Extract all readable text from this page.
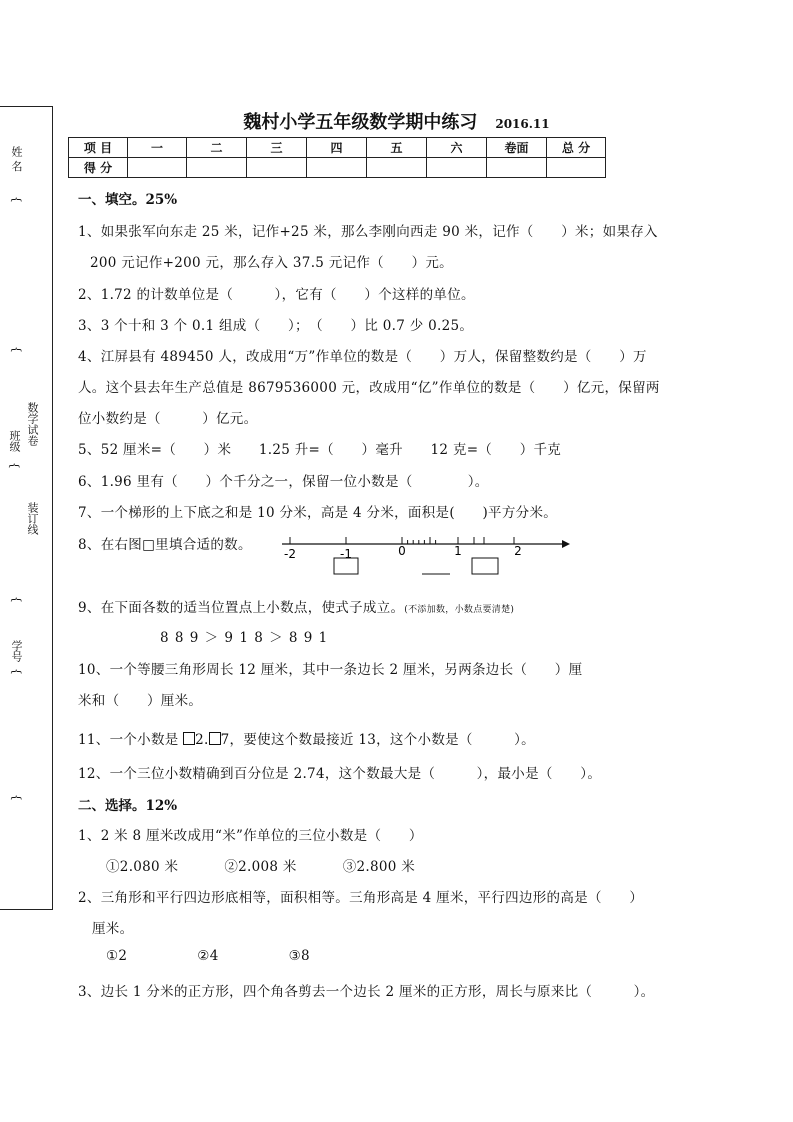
姓 名
{
{
数学试卷
班级
{
装订线
{
学号
{
{
魏村小学五年级数学期中练习 2016.11
项 目	一	二	三	四	五	六	卷面	总 分
得 分								
一、填空。25%
1、如果张军向东走 25 米，记作+25 米，那么李刚向西走 90 米，记作（　　）米；如果存入
200 元记作+200 元，那么存入 37.5 元记作（　　）元。
2、1.72 的计数单位是（　　　），它有（　　）个这样的单位。
3、3 个十和 3 个 0.1 组成（　　）；　（　　）比 0.7 少 0.25。
4、江屏县有 489450 人，改成用“万”作单位的数是（　　）万人，保留整数约是（　　）万
人。这个县去年生产总值是 8679536000 元，改成用“亿”作单位的数是（　　）亿元，保留两
位小数约是（　　　）亿元。
5、52 厘米=（　　）米　　1.25 升=（　　）毫升　　12 克=（　　）千克
6、1.96 里有（　　）个千分之一，保留一位小数是（　　　　）。
7、一个梯形的上下底之和是 10 分米，高是 4 分米，面积是(　　)平方分米。
8、在右图□里填合适的数。
-2	-1	0	1	2
9、在下面各数的适当位置点上小数点，使式子成立。(不添加数，小数点要清楚)
8 8 9 ＞ 9 1 8 ＞ 8 9 1
10、一个等腰三角形周长 12 厘米，其中一条边长 2 厘米，另两条边长（　　）厘
米和（　　）厘米。
11、一个小数是 2. 7，要使这个数最接近 13，这个小数是（　　　）。
12、一个三位小数精确到百分位是 2.74，这个数最大是（　　　），最小是（　　）。
二、选择。12%
1、2 米 8 厘米改成用“米”作单位的三位小数是（　　）
①2.080 米	②2.008 米	③2.800 米
2、三角形和平行四边形底相等，面积相等。三角形高是 4 厘米，平行四边形的高是（　　）
厘米。
①2	②4	③8
3、边长 1 分米的正方形，四个角各剪去一个边长 2 厘米的正方形，周长与原来比（　　　）。
